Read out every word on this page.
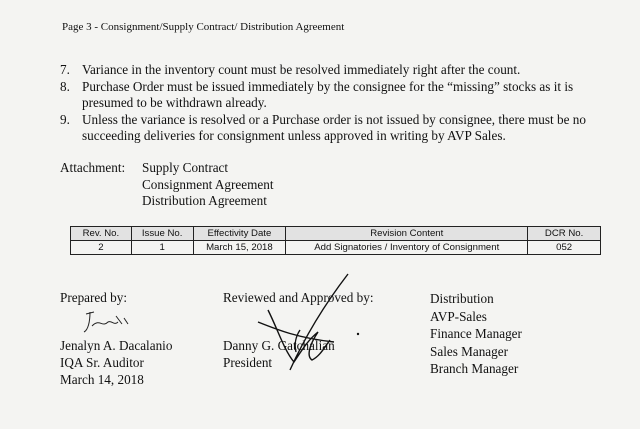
Page 3 - Consignment/Supply Contract/ Distribution Agreement
7. Variance in the inventory count must be resolved immediately right after the count.
8. Purchase Order must be issued immediately by the consignee for the “missing” stocks as it is presumed to be withdrawn already.
9. Unless the variance is resolved or a Purchase order is not issued by consignee, there must be no succeeding deliveries for consignment unless approved in writing by AVP Sales.
Attachment:	Supply Contract
Consignment Agreement
Distribution Agreement
Rev. No.	Issue No.	Effectivity Date	Revision Content	DCR No.
2	1	March 15, 2018	Add Signatories / Inventory of Consignment	052
Prepared by:
Jenalyn A. Dacalanio
IQA Sr. Auditor
March 14, 2018
Reviewed and Approved by:
Danny G. Gatchalian
President
Distribution
AVP-Sales
Finance Manager
Sales Manager
Branch Manager
